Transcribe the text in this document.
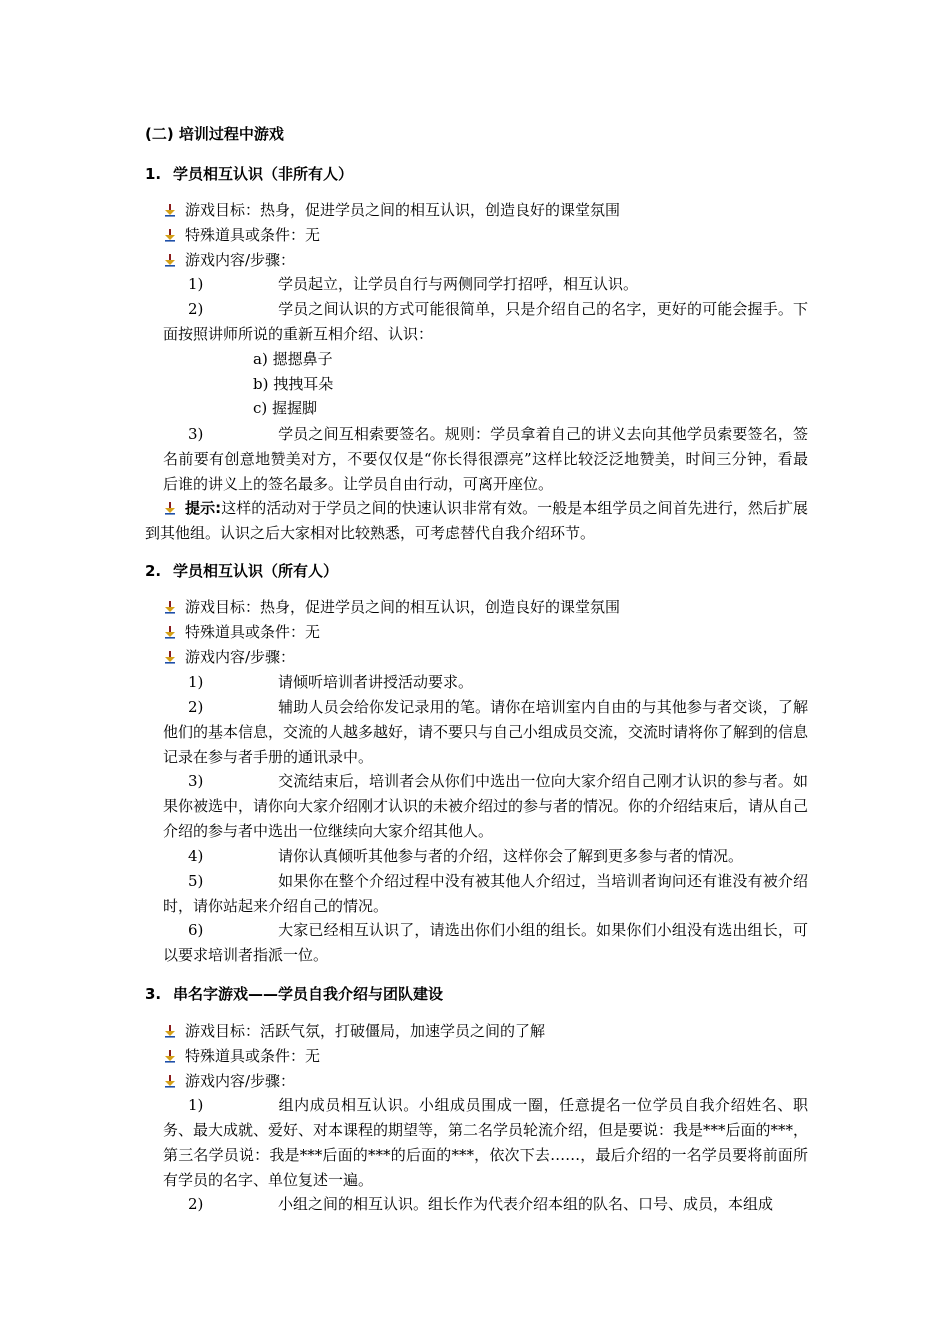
(二) 培训过程中游戏
1. 学员相互认识（非所有人）
游戏目标：热身，促进学员之间的相互认识，创造良好的课堂氛围
特殊道具或条件：无
游戏内容/步骤：
1)	学员起立，让学员自行与两侧同学打招呼，相互认识。
2)	学员之间认识的方式可能很简单，只是介绍自己的名字，更好的可能会握手。下面按照讲师所说的重新互相介绍、认识：
a) 摁摁鼻子
b) 拽拽耳朵
c) 握握脚
3)	学员之间互相索要签名。规则：学员拿着自己的讲义去向其他学员索要签名，签名前要有创意地赞美对方，不要仅仅是“你长得很漂亮”这样比较泛泛地赞美，时间三分钟，看最后谁的讲义上的签名最多。让学员自由行动，可离开座位。
提示:这样的活动对于学员之间的快速认识非常有效。一般是本组学员之间首先进行，然后扩展到其他组。认识之后大家相对比较熟悉，可考虑替代自我介绍环节。
2. 学员相互认识（所有人）
游戏目标：热身，促进学员之间的相互认识，创造良好的课堂氛围
特殊道具或条件：无
游戏内容/步骤：
1)	请倾听培训者讲授活动要求。
2)	辅助人员会给你发记录用的笔。请你在培训室内自由的与其他参与者交谈，了解他们的基本信息，交流的人越多越好，请不要只与自己小组成员交流，交流时请将你了解到的信息记录在参与者手册的通讯录中。
3)	交流结束后，培训者会从你们中选出一位向大家介绍自己刚才认识的参与者。如果你被选中，请你向大家介绍刚才认识的未被介绍过的参与者的情况。你的介绍结束后，请从自己介绍的参与者中选出一位继续向大家介绍其他人。
4)	请你认真倾听其他参与者的介绍，这样你会了解到更多参与者的情况。
5)	如果你在整个介绍过程中没有被其他人介绍过，当培训者询问还有谁没有被介绍时，请你站起来介绍自己的情况。
6)	大家已经相互认识了，请选出你们小组的组长。如果你们小组没有选出组长，可以要求培训者指派一位。
3. 串名字游戏——学员自我介绍与团队建设
游戏目标：活跃气氛，打破僵局，加速学员之间的了解
特殊道具或条件：无
游戏内容/步骤：
1)	组内成员相互认识。小组成员围成一圈，任意提名一位学员自我介绍姓名、职务、最大成就、爱好、对本课程的期望等，第二名学员轮流介绍，但是要说：我是***后面的***，第三名学员说：我是***后面的***的后面的***，依次下去……，最后介绍的一名学员要将前面所有学员的名字、单位复述一遍。
2)	小组之间的相互认识。组长作为代表介绍本组的队名、口号、成员，本组成
